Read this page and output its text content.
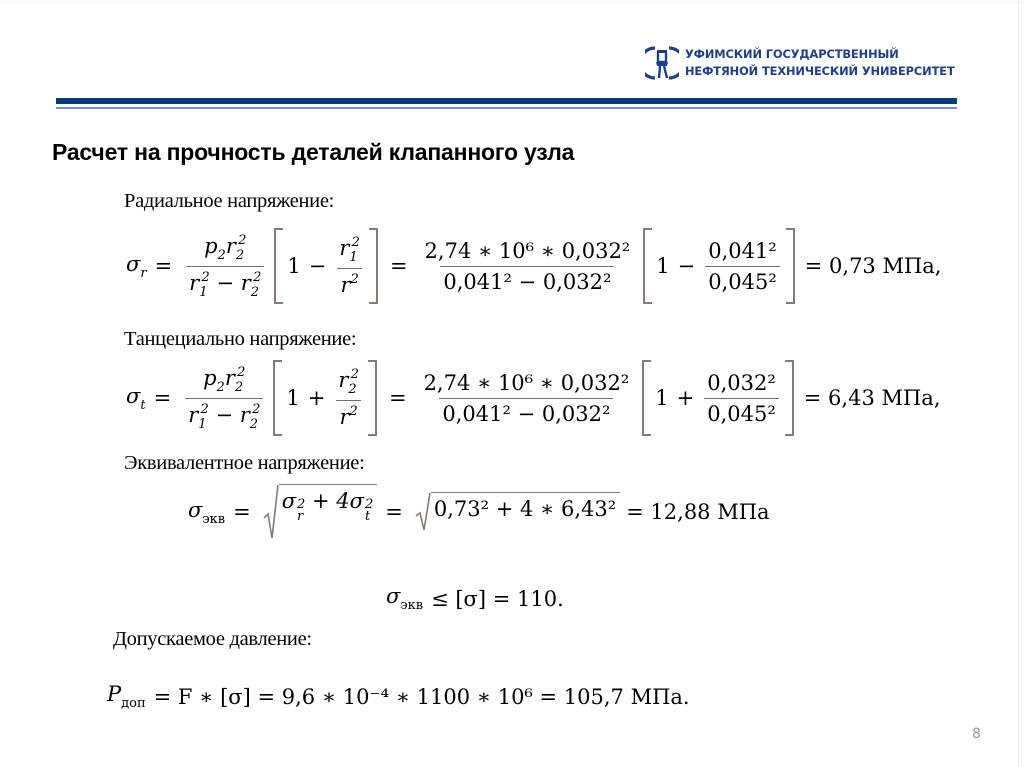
УФИМСКИЙ ГОСУДАРСТВЕННЫЙ
НЕФТЯНОЙ ТЕХНИЧЕСКИЙ УНИВЕРСИТЕТ
Расчет на прочность деталей клапанного узла
Радиальное напряжение:
$\sigma_r = \frac{p_2r_2^2}{r_1^2 - r_2^2} 1 - \frac{r_1^2}{r^2} = \frac{\text{2,74 ∗ 10⁶ ∗ 0,032²}}{\text{0,041² − 0,032²}} 1 - \frac{\text{0,041²}}{\text{0,045²}} = 0,73$ МПа,
Танцециально напряжение:
$\sigma_t = \frac{p_2r_2^2}{r_1^2 - r_2^2} 1 + \frac{r_2^2}{r^2} = \frac{\text{2,74 ∗ 10⁶ ∗ 0,032²}}{\text{0,041² − 0,032²}} 1 + \frac{\text{0,032²}}{\text{0,045²}} = 6,43$ МПа,
Эквивалентное напряжение:
$\sigma_{экв} = \sigma$ 2
r
+ 4σ 2
t = 0,73² + 4 ∗ 6,43² = 12,88 МПа
$\sigma_{экв} \le [\sigma] = 110$.
Допускаемое давление:
$P_{доп} = F$ ∗ [σ] = 9,6 ∗ 10⁻⁴ ∗ 1100 ∗ 10⁶ = 105,7 МПа.
8
